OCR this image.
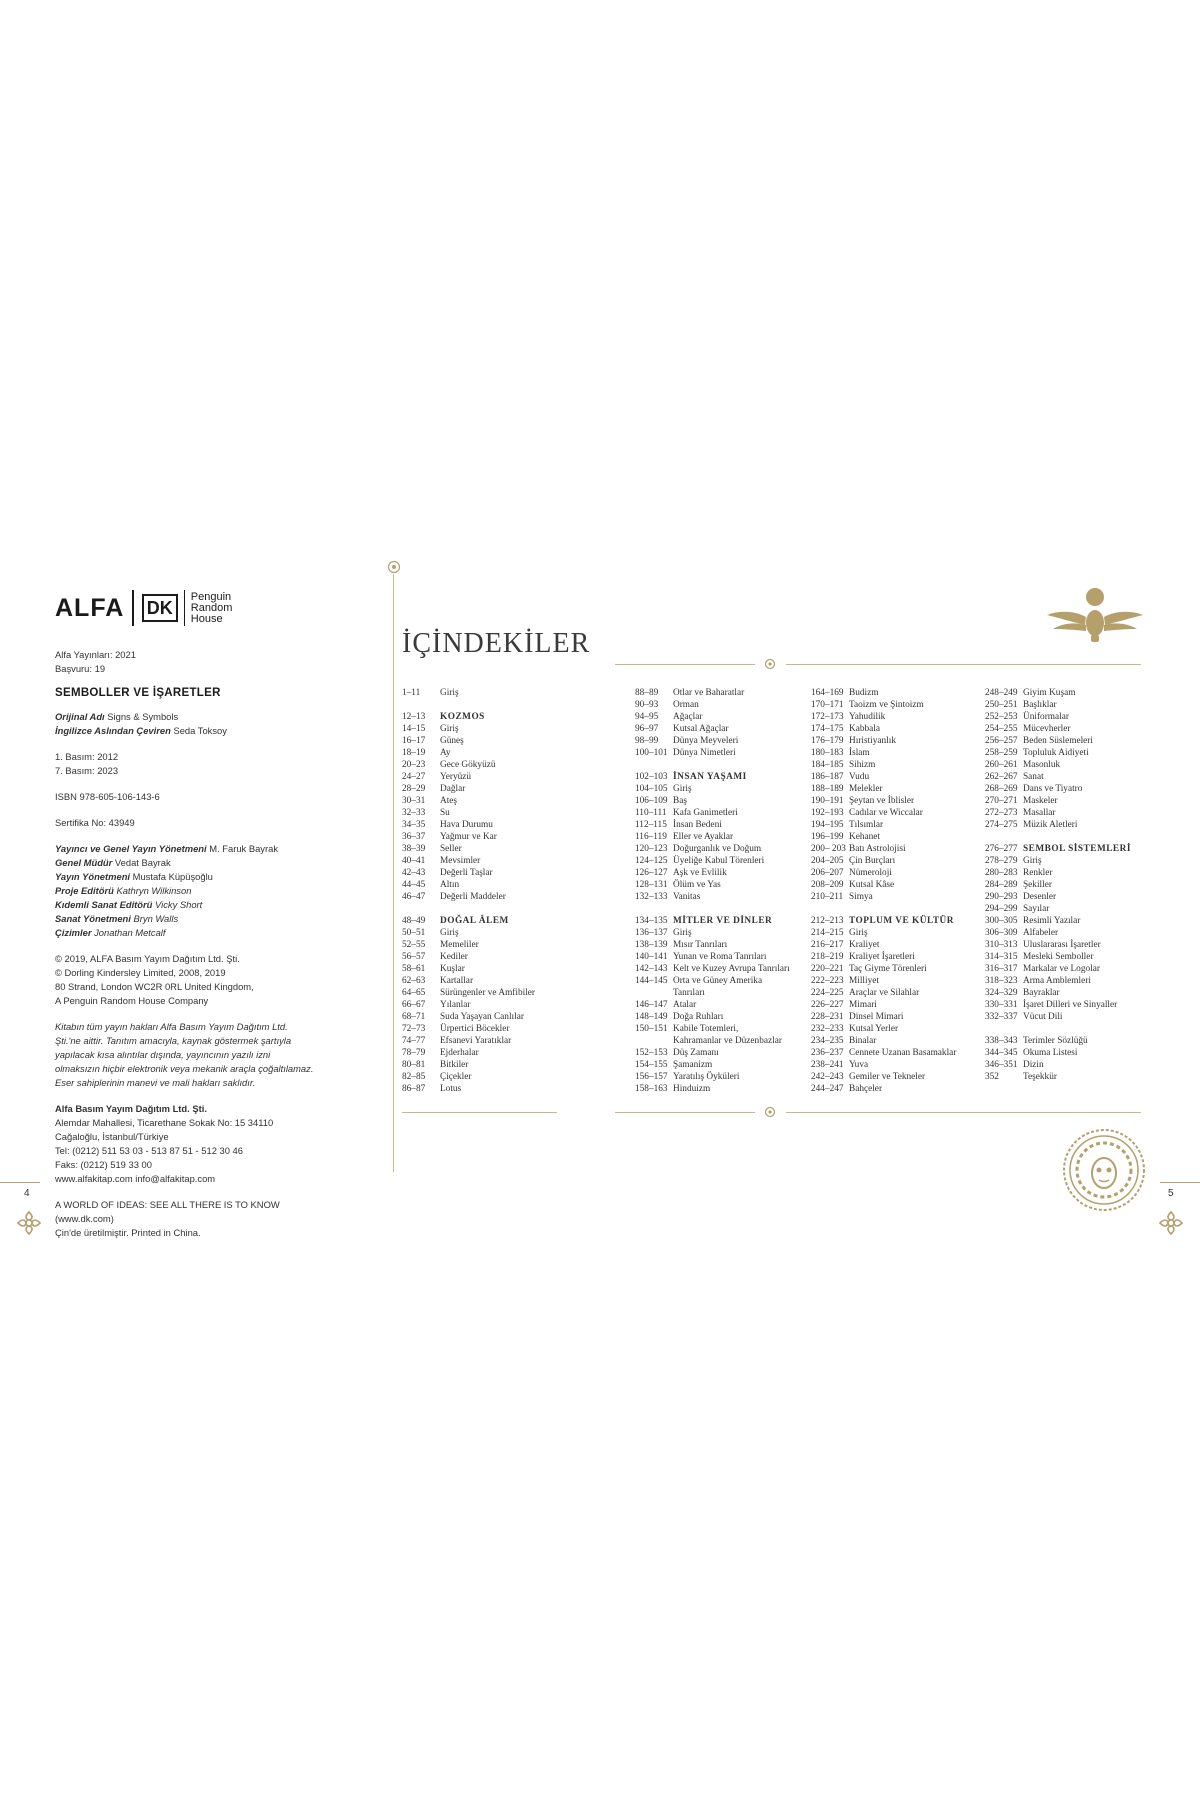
ALFA DK
Penguin
Random
House
Alfa Yayınları: 2021
Başvuru: 19
SEMBOLLER VE İŞARETLER
Orijinal Adı Signs & Symbols
İngilizce Aslından Çeviren Seda Toksoy
1. Basım: 2012
7. Basım: 2023
ISBN 978-605-106-143-6
Sertifika No: 43949
Yayıncı ve Genel Yayın Yönetmeni M. Faruk Bayrak
Genel Müdür Vedat Bayrak
Yayın Yönetmeni Mustafa Küpüşoğlu
Proje Editörü Kathryn Wilkinson
Kıdemli Sanat Editörü Vicky Short
Sanat Yönetmeni Bryn Walls
Çizimler Jonathan Metcalf
© 2019, ALFA Basım Yayım Dağıtım Ltd. Şti.
© Dorling Kindersley Limited, 2008, 2019
80 Strand, London WC2R 0RL United Kingdom,
A Penguin Random House Company
Kitabın tüm yayın hakları Alfa Basım Yayım Dağıtım Ltd.
Şti.'ne aittir. Tanıtım amacıyla, kaynak göstermek şartıyla
yapılacak kısa alıntılar dışında, yayıncının yazılı izni
olmaksızın hiçbir elektronik veya mekanik araçla çoğaltılamaz.
Eser sahiplerinin manevi ve mali hakları saklıdır.
Alfa Basım Yayım Dağıtım Ltd. Şti.
Alemdar Mahallesi, Ticarethane Sokak No: 15 34110
Cağaloğlu, İstanbul/Türkiye
Tel: (0212) 511 53 03 - 513 87 51 - 512 30 46
Faks: (0212) 519 33 00
www.alfakitap.com info@alfakitap.com
A WORLD OF IDEAS: SEE ALL THERE IS TO KNOW
(www.dk.com)
Çin'de üretilmiştir. Printed in China.
4
İÇİNDEKİLER
1–11	Giriş
12–13	KOZMOS
14–15	Giriş
16–17	Güneş
18–19	Ay
20–23	Gece Gökyüzü
24–27	Yeryüzü
28–29	Dağlar
30–31	Ateş
32–33	Su
34–35	Hava Durumu
36–37	Yağmur ve Kar
38–39	Seller
40–41	Mevsimler
42–43	Değerli Taşlar
44–45	Altın
46–47	Değerli Maddeler
48–49	DOĞAL ÂLEM
50–51	Giriş
52–55	Memeliler
56–57	Kediler
58–61	Kuşlar
62–63	Kartallar
64–65	Sürüngenler ve Amfibiler
66–67	Yılanlar
68–71	Suda Yaşayan Canlılar
72–73	Ürpertici Böcekler
74–77	Efsanevi Yaratıklar
78–79	Ejderhalar
80–81	Bitkiler
82–85	Çiçekler
86–87	Lotus
88–89	Otlar ve Baharatlar
90–93	Orman
94–95	Ağaçlar
96–97	Kutsal Ağaçlar
98–99	Dünya Meyveleri
100–101 Dünya Nimetleri
102–103 İNSAN YAŞAMI
104–105 Giriş
106–109 Baş
110–111 Kafa Ganimetleri
112–115 İnsan Bedeni
116–119 Eller ve Ayaklar
120–123 Doğurganlık ve Doğum
124–125 Üyeliğe Kabul Törenleri
126–127 Aşk ve Evlilik
128–131 Ölüm ve Yas
132–133 Vanitas
134–135 MİTLER VE DİNLER
136–137 Giriş
138–139 Mısır Tanrıları
140–141 Yunan ve Roma Tanrıları
142–143 Kelt ve Kuzey Avrupa Tanrıları
144–145 Orta ve Güney Amerika
Tanrıları
146–147 Atalar
148–149 Doğa Ruhları
150–151 Kabile Totemleri,
Kahramanlar ve Düzenbazlar
152–153 Düş Zamanı
154–155 Şamanizm
156–157 Yaratılış Öyküleri
158–163 Hinduizm
164–169 Budizm
170–171 Taoizm ve Şintoizm
172–173 Yahudilik
174–175 Kabbala
176–179 Hıristiyanlık
180–183 İslam
184–185 Sihizm
186–187 Vudu
188–189 Melekler
190–191 Şeytan ve İblisler
192–193 Cadılar ve Wiccalar
194–195 Tılsımlar
196–199 Kehanet
200– 203 Batı Astrolojisi
204–205 Çin Burçları
206–207 Nümeroloji
208–209 Kutsal Kâse
210–211 Simya
212–213 TOPLUM VE KÜLTÜR
214–215 Giriş
216–217 Kraliyet
218–219 Kraliyet İşaretleri
220–221 Taç Giyme Törenleri
222–223 Milliyet
224–225 Araçlar ve Silahlar
226–227 Mimari
228–231 Dinsel Mimari
232–233 Kutsal Yerler
234–235 Binalar
236–237 Cennete Uzanan Basamaklar
238–241 Yuva
242–243 Gemiler ve Tekneler
244–247 Bahçeler
248–249 Giyim Kuşam
250–251 Başlıklar
252–253 Üniformalar
254–255 Mücevherler
256–257 Beden Süslemeleri
258–259 Topluluk Aidiyeti
260–261 Masonluk
262–267 Sanat
268–269 Dans ve Tiyatro
270–271 Maskeler
272–273 Masallar
274–275 Müzik Aletleri
276–277 SEMBOL SİSTEMLERİ
278–279 Giriş
280–283 Renkler
284–289 Şekiller
290–293 Desenler
294–299 Sayılar
300–305 Resimli Yazılar
306–309 Alfabeler
310–313 Uluslararası İşaretler
314–315 Mesleki Semboller
316–317 Markalar ve Logolar
318–323 Arma Amblemleri
324–329 Bayraklar
330–331 İşaret Dilleri ve Sinyaller
332–337 Vücut Dili
338–343 Terimler Sözlüğü
344–345 Okuma Listesi
346–351 Dizin
352	Teşekkür
5
